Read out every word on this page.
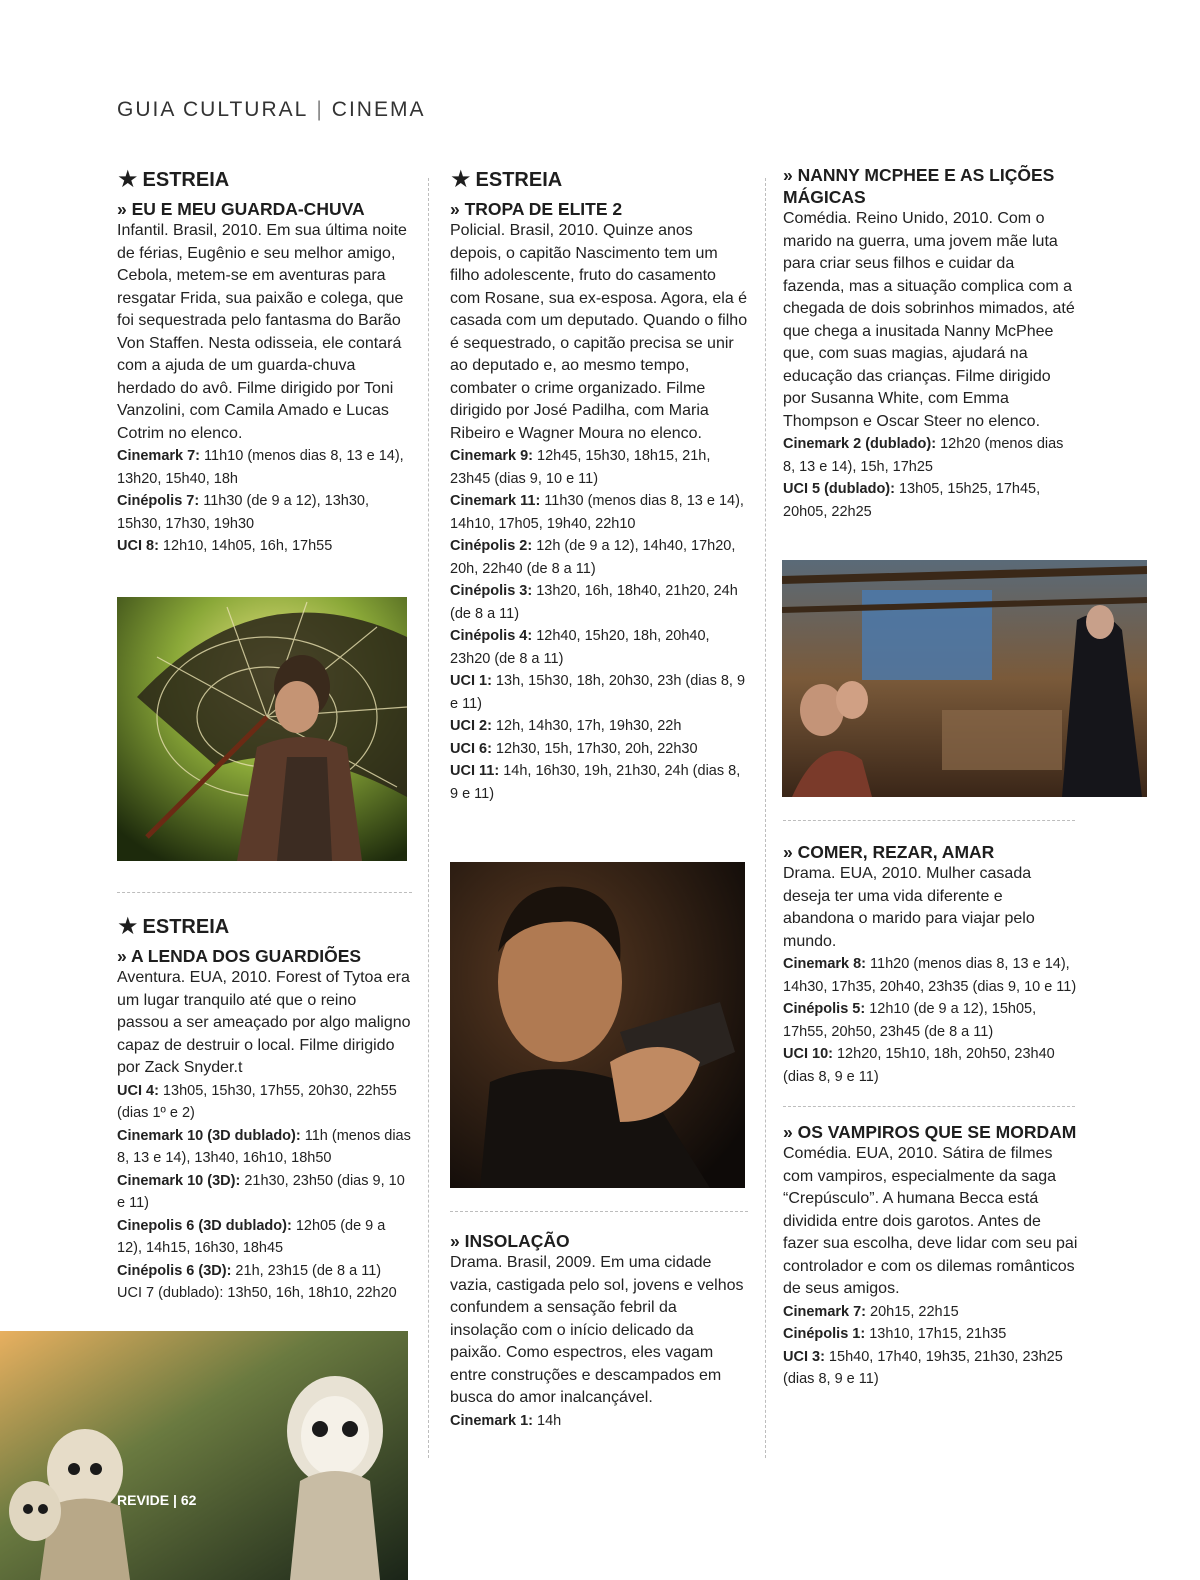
GUIA CULTURAL | CINEMA
★ ESTREIA

» EU E MEU GUARDA-CHUVA

Infantil. Brasil, 2010. Em sua última noite de férias, Eugênio e seu melhor amigo, Cebola, metem-se em aventuras para resgatar Frida, sua paixão e colega, que foi sequestrada pelo fantasma do Barão Von Staffen. Nesta odisseia, ele contará com a ajuda de um guarda-chuva herdado do avô. Filme dirigido por Toni Vanzolini, com Camila Amado e Lucas Cotrim no elenco.

Cinemark 7: 11h10 (menos dias 8, 13 e 14), 13h20, 15h40, 18h

Cinépolis 7: 11h30 (de 9 a 12), 13h30, 15h30, 17h30, 19h30

UCI 8: 12h10, 14h05, 16h, 17h55

★ ESTREIA

» A LENDA DOS GUARDIÕES

Aventura. EUA, 2010. Forest of Tytoa era um lugar tranquilo até que o reino passou a ser ameaçado por algo maligno capaz de destruir o local. Filme dirigido por Zack Snyder.t

UCI 4: 13h05, 15h30, 17h55, 20h30, 22h55 (dias 1º e 2)

Cinemark 10 (3D dublado): 11h (menos dias 8, 13 e 14), 13h40, 16h10, 18h50

Cinemark 10 (3D): 21h30, 23h50 (dias 9, 10 e 11)

Cinepolis 6 (3D dublado): 12h05 (de 9 a 12), 14h15, 16h30, 18h45

Cinépolis 6 (3D): 21h, 23h15 (de 8 a 11)

UCI 7 (dublado): 13h50, 16h, 18h10, 22h20

REVIDE | 62
★ ESTREIA

» TROPA DE ELITE 2

Policial. Brasil, 2010. Quinze anos depois, o capitão Nascimento tem um filho adolescente, fruto do casamento com Rosane, sua ex-esposa. Agora, ela é casada com um deputado. Quando o filho é sequestrado, o capitão precisa se unir ao deputado e, ao mesmo tempo, combater o crime organizado. Filme dirigido por José Padilha, com Maria Ribeiro e Wagner Moura no elenco.

Cinemark 9: 12h45, 15h30, 18h15, 21h, 23h45 (dias 9, 10 e 11)

Cinemark 11: 11h30 (menos dias 8, 13 e 14), 14h10, 17h05, 19h40, 22h10

Cinépolis 2: 12h (de 9 a 12), 14h40, 17h20, 20h, 22h40 (de 8 a 11)

Cinépolis 3: 13h20, 16h, 18h40, 21h20, 24h (de 8 a 11)

Cinépolis 4: 12h40, 15h20, 18h, 20h40, 23h20 (de 8 a 11)

UCI 1: 13h, 15h30, 18h, 20h30, 23h (dias 8, 9 e 11)

UCI 2: 12h, 14h30, 17h, 19h30, 22h

UCI 6: 12h30, 15h, 17h30, 20h, 22h30

UCI 11: 14h, 16h30, 19h, 21h30, 24h (dias 8, 9 e 11)

» INSOLAÇÃO

Drama. Brasil, 2009. Em uma cidade vazia, castigada pelo sol, jovens e velhos confundem a sensação febril da insolação com o início delicado da paixão. Como espectros, eles vagam entre construções e descampados em busca do amor inalcançável.

Cinemark 1: 14h

» NANNY MCPHEE E AS LIÇÕES MÁGICAS

Comédia. Reino Unido, 2010. Com o marido na guerra, uma jovem mãe luta para criar seus filhos e cuidar da fazenda, mas a situação complica com a chegada de dois sobrinhos mimados, até que chega a inusitada Nanny McPhee que, com suas magias, ajudará na educação das crianças. Filme dirigido por Susanna White, com Emma Thompson e Oscar Steer no elenco.

Cinemark 2 (dublado): 12h20 (menos dias 8, 13 e 14), 15h, 17h25

UCI 5 (dublado): 13h05, 15h25, 17h45, 20h05, 22h25

» COMER, REZAR, AMAR

Drama. EUA, 2010. Mulher casada deseja ter uma vida diferente e abandona o marido para viajar pelo mundo.

Cinemark 8: 11h20 (menos dias 8, 13 e 14), 14h30, 17h35, 20h40, 23h35 (dias 9, 10 e 11)

Cinépolis 5: 12h10 (de 9 a 12), 15h05, 17h55, 20h50, 23h45 (de 8 a 11)

UCI 10: 12h20, 15h10, 18h, 20h50, 23h40 (dias 8, 9 e 11)

» OS VAMPIROS QUE SE MORDAM

Comédia. EUA, 2010. Sátira de filmes com vampiros, especialmente da saga “Crepúsculo”. A humana Becca está dividida entre dois garotos. Antes de fazer sua escolha, deve lidar com seu pai controlador e com os dilemas românticos de seus amigos.

Cinemark 7: 20h15, 22h15

Cinépolis 1: 13h10, 17h15, 21h35

UCI 3: 15h40, 17h40, 19h35, 21h30, 23h25 (dias 8, 9 e 11)
